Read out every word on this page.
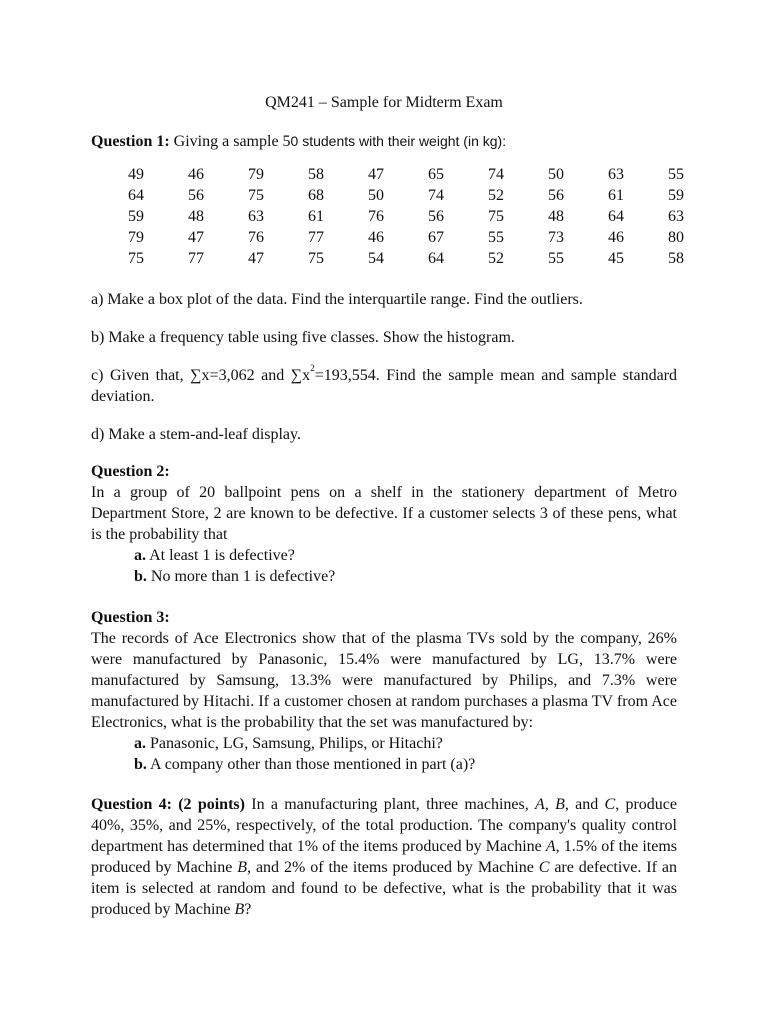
QM241 – Sample for Midterm Exam
Question 1: Giving a sample 50 students with their weight (in kg):
49	46	79	58	47	65	74	50	63	55
64	56	75	68	50	74	52	56	61	59
59	48	63	61	76	56	75	48	64	63
79	47	76	77	46	67	55	73	46	80
75	77	47	75	54	64	52	55	45	58
a) Make a box plot of the data. Find the interquartile range. Find the outliers.
b) Make a frequency table using five classes. Show the histogram.
c) Given that, ∑x=3,062 and $\sum x^2=193,554$. Find the sample mean and sample standard deviation.
d) Make a stem-and-leaf display.
Question 2:
In a group of 20 ballpoint pens on a shelf in the stationery department of Metro Department Store, 2 are known to be defective. If a customer selects 3 of these pens, what is the probability that
a. At least 1 is defective?
b. No more than 1 is defective?
Question 3:
The records of Ace Electronics show that of the plasma TVs sold by the company, 26% were manufactured by Panasonic, 15.4% were manufactured by LG, 13.7% were manufactured by Samsung, 13.3% were manufactured by Philips, and 7.3% were manufactured by Hitachi. If a customer chosen at random purchases a plasma TV from Ace Electronics, what is the probability that the set was manufactured by:
a. Panasonic, LG, Samsung, Philips, or Hitachi?
b. A company other than those mentioned in part (a)?
Question 4: (2 points) In a manufacturing plant, three machines, A, B, and C, produce 40%, 35%, and 25%, respectively, of the total production. The company's quality control department has determined that 1% of the items produced by Machine A, 1.5% of the items produced by Machine B, and 2% of the items produced by Machine C are defective. If an item is selected at random and found to be defective, what is the probability that it was produced by Machine B?
